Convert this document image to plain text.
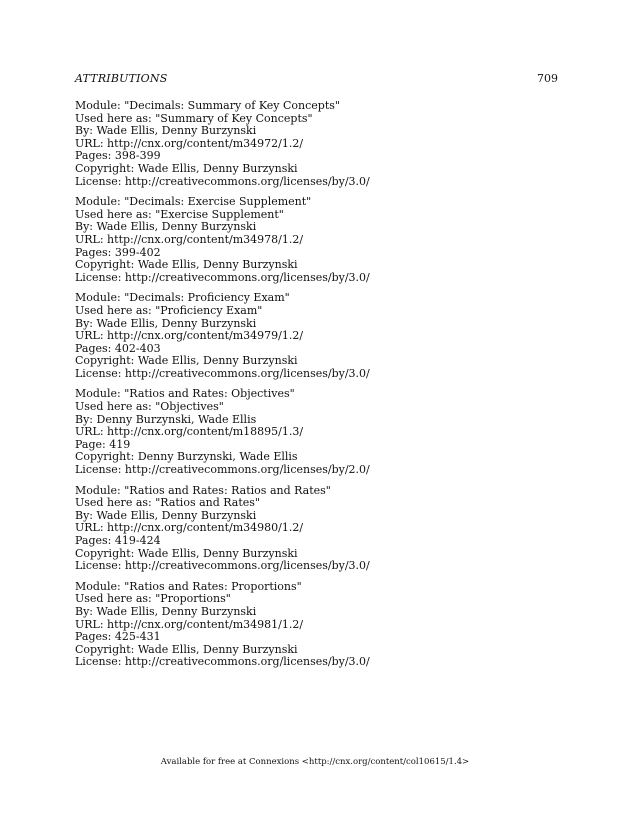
ATTRIBUTIONS	709
Module: "Decimals: Summary of Key Concepts"
Used here as: "Summary of Key Concepts"
By: Wade Ellis, Denny Burzynski
URL: http://cnx.org/content/m34972/1.2/
Pages: 398-399
Copyright: Wade Ellis, Denny Burzynski
License: http://creativecommons.org/licenses/by/3.0/
Module: "Decimals: Exercise Supplement"
Used here as: "Exercise Supplement"
By: Wade Ellis, Denny Burzynski
URL: http://cnx.org/content/m34978/1.2/
Pages: 399-402
Copyright: Wade Ellis, Denny Burzynski
License: http://creativecommons.org/licenses/by/3.0/
Module: "Decimals: Proficiency Exam"
Used here as: "Proficiency Exam"
By: Wade Ellis, Denny Burzynski
URL: http://cnx.org/content/m34979/1.2/
Pages: 402-403
Copyright: Wade Ellis, Denny Burzynski
License: http://creativecommons.org/licenses/by/3.0/
Module: "Ratios and Rates: Objectives"
Used here as: "Objectives"
By: Denny Burzynski, Wade Ellis
URL: http://cnx.org/content/m18895/1.3/
Page: 419
Copyright: Denny Burzynski, Wade Ellis
License: http://creativecommons.org/licenses/by/2.0/
Module: "Ratios and Rates: Ratios and Rates"
Used here as: "Ratios and Rates"
By: Wade Ellis, Denny Burzynski
URL: http://cnx.org/content/m34980/1.2/
Pages: 419-424
Copyright: Wade Ellis, Denny Burzynski
License: http://creativecommons.org/licenses/by/3.0/
Module: "Ratios and Rates: Proportions"
Used here as: "Proportions"
By: Wade Ellis, Denny Burzynski
URL: http://cnx.org/content/m34981/1.2/
Pages: 425-431
Copyright: Wade Ellis, Denny Burzynski
License: http://creativecommons.org/licenses/by/3.0/
Available for free at Connexions <http://cnx.org/content/col10615/1.4>
